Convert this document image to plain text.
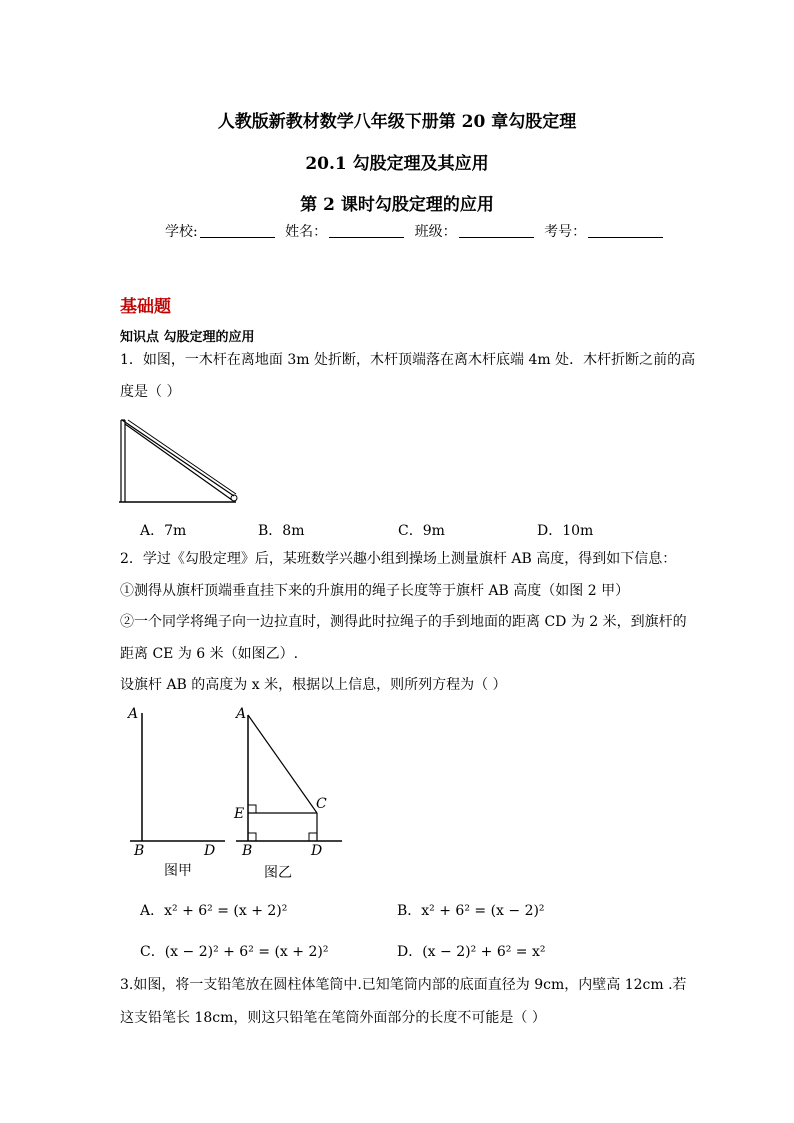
人教版新教材数学八年级下册第 20 章勾股定理
20.1 勾股定理及其应用
第 2 课时勾股定理的应用
学校:	姓名：	班级：	考号：
基础题
知识点 勾股定理的应用
1．如图，一木杆在离地面 3m 处折断，木杆顶端落在离木杆底端 4m 处．木杆折断之前的高
度是（ ）
A．7m	B．8m	C．9m	D．10m
2．学过《勾股定理》后，某班数学兴趣小组到操场上测量旗杆 AB 高度，得到如下信息：
①测得从旗杆顶端垂直挂下来的升旗用的绳子长度等于旗杆 AB 高度（如图 2 甲）
②一个同学将绳子向一边拉直时，测得此时拉绳子的手到地面的距离 CD 为 2 米，到旗杆的
距离 CE 为 6 米（如图乙）.
设旗杆 AB 的高度为 x 米，根据以上信息，则所列方程为（ ）
A
B	D
图甲
A
C
E
B	D
图乙
A．x² + 6² = (x + 2)²	B．x² + 6² = (x − 2)²
C．(x − 2)² + 6² = (x + 2)²	D．(x − 2)² + 6² = x²
3.如图，将一支铅笔放在圆柱体笔筒中.已知笔筒内部的底面直径为 9cm，内壁高 12cm .若
这支铅笔长 18cm，则这只铅笔在笔筒外面部分的长度不可能是（ ）
